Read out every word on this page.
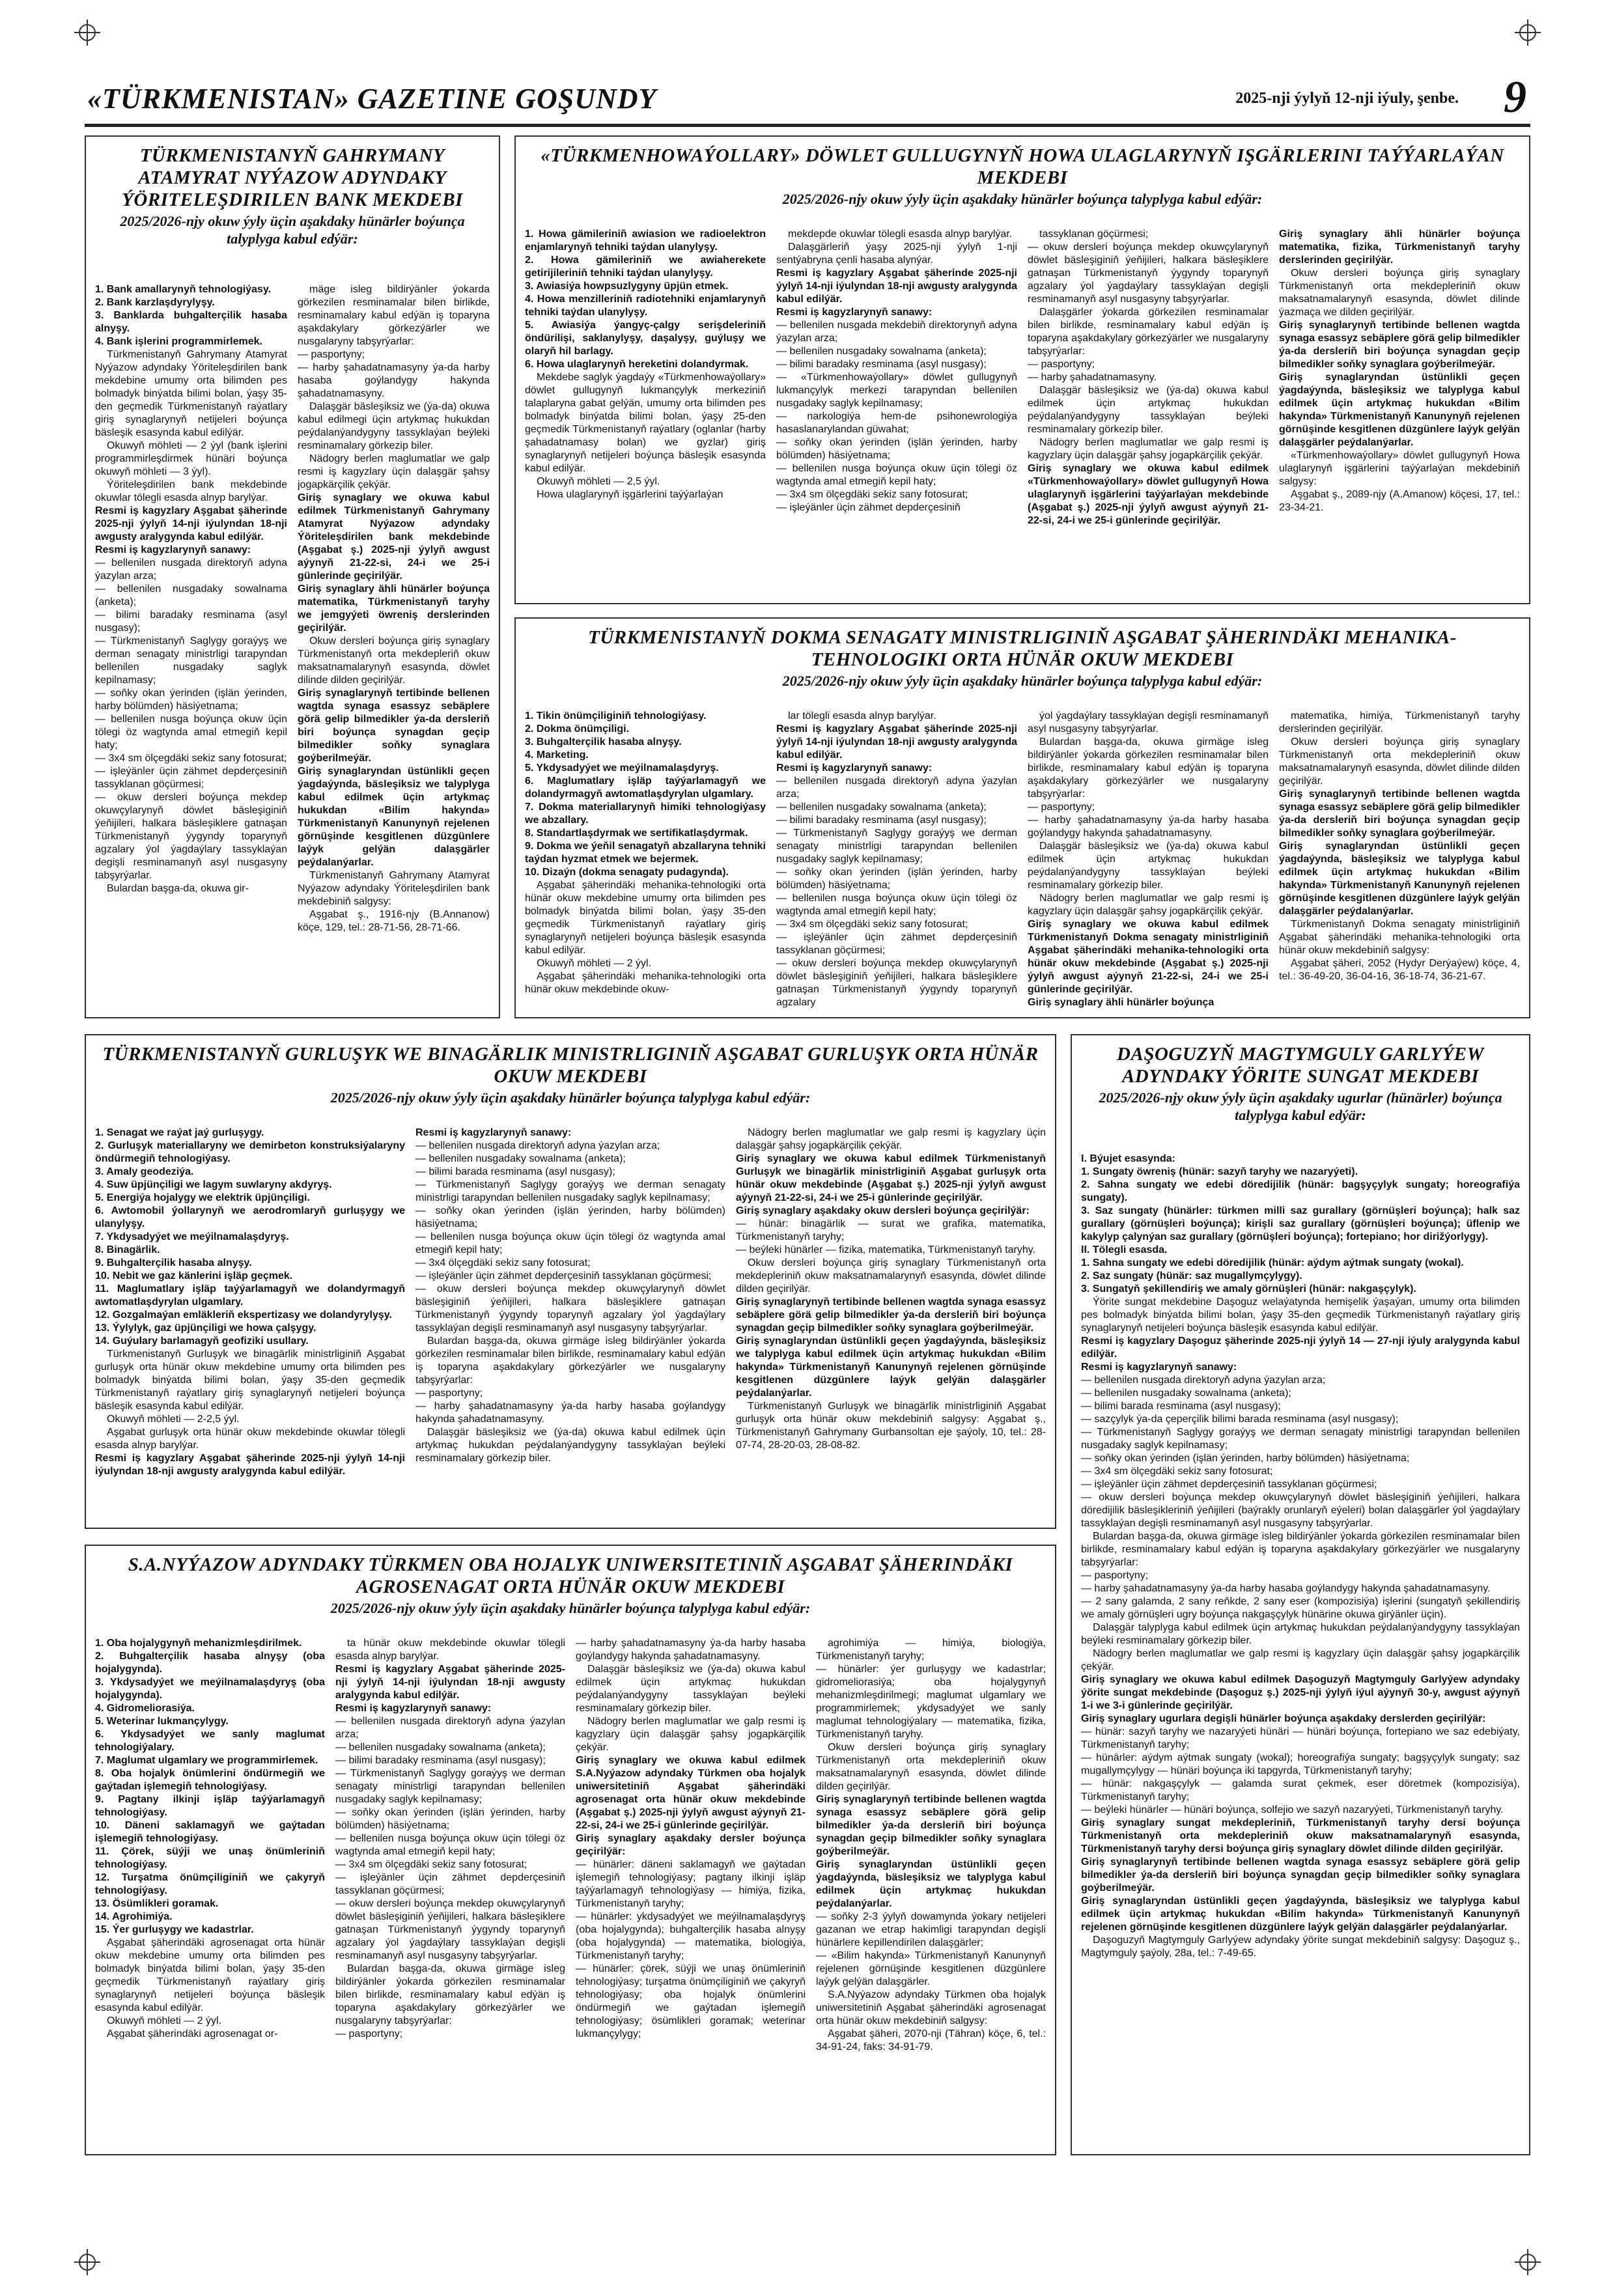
«TÜRKMENISTAN» GAZETINE GOŞUNDY	2025-nji ýylyň 12-nji iýuly, şenbe. 9
TÜRKMENISTANYŇ GAHRYMANY ATAMYRAT NYÝAZOW ADYNDAKY ÝÖRITELEŞDIRILEN BANK MEKDEBI
2025/2026-njy okuw ýyly üçin aşakdaky hünärler boýunça talyplyga kabul edýär:

1. Bank amallarynyň tehnologiýasy.

2. Bank karzlaşdyrylyşy.

3. Banklarda buhgalterçilik hasaba alnyşy.

4. Bank işlerini programmirlemek.

Türkmenistanyň Gahrymany Atamyrat Nyýazow adyndaky Ýöriteleşdirilen bank mekdebine umumy orta bilimden pes bolmadyk binýatda bilimi bolan, ýaşy 35-den geçmedik Türkmenistanyň raýatlary giriş synaglarynyň netijeleri boýunça bäsleşik esasynda kabul edilýär.

Okuwyň möhleti — 2 ýyl (bank işlerini programmirleşdirmek hünäri boýunça okuwyň möhleti — 3 ýyl).

Ýöriteleşdirilen bank mekdebinde okuwlar tölegli esasda alnyp barylýar.

Resmi iş kagyzlary Aşgabat şäherinde 2025-nji ýylyň 14-nji iýulyndan 18-nji awgusty aralygynda kabul edilýär.

Resmi iş kagyzlarynyň sanawy:

— bellenilen nusgada direktoryň adyna ýazylan arza;

— bellenilen nusgadaky sowalnama (anketa);

— bilimi baradaky resminama (asyl nusgasy);

— Türkmenistanyň Saglygy goraýyş we derman senagaty ministrligi tarapyndan bellenilen nusgadaky saglyk kepilnamasy;

— soňky okan ýerinden (işlän ýerinden, harby bölümden) häsiýetnama;

— bellenilen nusga boýunça okuw üçin tölegi öz wagtynda amal etmegiň kepil haty;

— 3x4 sm ölçegdäki sekiz sany fotosurat;

— işleýänler üçin zähmet depderçesiniň tassyklanan göçürmesi;

— okuw dersleri boýunça mekdep okuwçylarynyň döwlet bäsleşiginiň ýeňijileri, halkara bäsleşiklere gatnaşan Türkmenistanyň ýygyndy toparynyň agzalary ýol ýagdaýlary tassyklaýan degişli resminamanyň asyl nusgasyny tabşyrýarlar.

Bulardan başga-da, okuwa gir-

mäge isleg bildirýänler ýokarda görkezilen resminamalar bilen birlikde, resminamalary kabul edýän iş toparyna aşakdakylary görkezýärler we nusgalaryny tabşyrýarlar:

— pasportyny;

— harby şahadatnamasyny ýa-da harby hasaba goýlandygy hakynda şahadatnamasyny.

Dalaşgär bäsleşiksiz we (ýa-da) okuwa kabul edilmegi üçin artykmaç hukukdan peýdalanýandygyny tassyklaýan beýleki resminamalary görkezip biler.

Nädogry berlen maglumatlar we galp resmi iş kagyzlary üçin dalaşgär şahsy jogapkärçilik çekýär.

Giriş synaglary we okuwa kabul edilmek Türkmenistanyň Gahrymany Atamyrat Nyýazow adyndaky Ýöriteleşdirilen bank mekdebinde (Aşgabat ş.) 2025-nji ýylyň awgust aýynyň 21-22-si, 24-i we 25-i günlerinde geçirilýär.

Giriş synaglary ähli hünärler boýunça matematika, Türkmenistanyň taryhy we jemgyýeti öwreniş derslerinden geçirilýär.

Okuw dersleri boýunça giriş synaglary Türkmenistanyň orta mekdepleriň okuw maksatnamalarynyň esasynda, döwlet dilinde dilden geçirilýär.

Giriş synaglarynyň tertibinde bellenen wagtda synaga esassyz sebäplere görä gelip bilmedikler ýa-da dersleriň biri boýunça synagdan geçip bilmedikler soňky synaglara goýberilmeýär.

Giriş synaglaryndan üstünlikli geçen ýagdaýynda, bäsleşiksiz we talyplyga kabul edilmek üçin artykmaç hukukdan «Bilim hakynda» Türkmenistanyň Kanunynyň rejelenen görnüşinde kesgitlenen düzgünlere laýyk gelýän dalaşgärler peýdalanýarlar.

Türkmenistanyň Gahrymany Atamyrat Nyýazow adyndaky Ýöriteleşdirilen bank mekdebiniň salgysy:

Aşgabat ş., 1916-njy (B.Annanow) köçe, 129, tel.: 28-71-56, 28-71-66.

«TÜRKMENHOWAÝOLLARY» DÖWLET GULLUGYNYŇ HOWA ULAGLARYNYŇ IŞGÄRLERINI TAÝÝARLAÝAN MEKDEBI
2025/2026-njy okuw ýyly üçin aşakdaky hünärler boýunça talyplyga kabul edýär:

1. Howa gämileriniň awiasion we radioelektron enjamlarynyň tehniki taýdan ulanylyşy.

2. Howa gämileriniň we awiaherekete getirijileriniň tehniki taýdan ulanylyşy.

3. Awiasiýa howpsuzlygyny üpjün etmek.

4. Howa menzilleriniň radiotehniki enjamlarynyň tehniki taýdan ulanylyşy.

5. Awiasiýa ýangyç-çalgy serişdeleriniň öndürilişi, saklanylyşy, daşalyşy, guýluşy we olaryň hil barlagy.

6. Howa ulaglarynyň hereketini dolandyrmak.

Mekdebe saglyk ýagdaýy «Türkmenhowaýollary» döwlet gullugynyň lukmançylyk merkeziniň talaplaryna gabat gelýän, umumy orta bilimden pes bolmadyk binýatda bilimi bolan, ýaşy 25-den geçmedik Türkmenistanyň raýatlary (oglanlar (harby şahadatnamasy bolan) we gyzlar) giriş synaglarynyň netijeleri boýunça bäsleşik esasynda kabul edilýär.

Okuwyň möhleti — 2,5 ýyl.

Howa ulaglarynyň işgärlerini taýýarlaýan

mekdepde okuwlar tölegli esasda alnyp barylýar.

Dalaşgärleriň ýaşy 2025-nji ýylyň 1-nji sentýabryna çenli hasaba alynýar.

Resmi iş kagyzlary Aşgabat şäherinde 2025-nji ýylyň 14-nji iýulyndan 18-nji awgusty aralygynda kabul edilýär.

Resmi iş kagyzlarynyň sanawy:

— bellenilen nusgada mekdebiň direktorynyň adyna ýazylan arza;

— bellenilen nusgadaky sowalnama (anketa);

— bilimi baradaky resminama (asyl nusgasy);

— «Türkmenhowaýollary» döwlet gullugynyň lukmançylyk merkezi tarapyndan bellenilen nusgadaky saglyk kepilnamasy;

— narkologiýa hem-de psihonewrologiýa hasaslanarylandan güwahat;

— soňky okan ýerinden (işlän ýerinden, harby bölümden) häsiýetnama;

— bellenilen nusga boýunça okuw üçin tölegi öz wagtynda amal etmegiň kepil haty;

— 3x4 sm ölçegdäki sekiz sany fotosurat;

— işleýänler üçin zähmet depderçesiniň

tassyklanan göçürmesi;

— okuw dersleri boýunça mekdep okuwçylarynyň döwlet bäsleşiginiň ýeňijileri, halkara bäsleşiklere gatnaşan Türkmenistanyň ýygyndy toparynyň agzalary ýol ýagdaýlary tassyklaýan degişli resminamanyň asyl nusgasyny tabşyrýarlar.

Dalaşgärler ýokarda görkezilen resminamalar bilen birlikde, resminamalary kabul edýän iş toparyna aşakdakylary görkezýärler we nusgalaryny tabşyrýarlar:

— pasportyny;

— harby şahadatnamasyny.

Dalaşgär bäsleşiksiz we (ýa-da) okuwa kabul edilmek üçin artykmaç hukukdan peýdalanýandygyny tassyklaýan beýleki resminamalary görkezip biler.

Nädogry berlen maglumatlar we galp resmi iş kagyzlary üçin dalaşgär şahsy jogapkärçilik çekýär.

Giriş synaglary we okuwa kabul edilmek «Türkmenhowaýollary» döwlet gullugynyň Howa ulaglarynyň işgärlerini taýýarlaýan mekdebinde (Aşgabat ş.) 2025-nji ýylyň awgust aýynyň 21-22-si, 24-i we 25-i günlerinde geçirilýär.

Giriş synaglary ähli hünärler boýunça matematika, fizika, Türkmenistanyň taryhy derslerinden geçirilýär.

Okuw dersleri boýunça giriş synaglary Türkmenistanyň orta mekdepleriniň okuw maksatnamalarynyň esasynda, döwlet dilinde ýazmaça we dilden geçirilýär.

Giriş synaglarynyň tertibinde bellenen wagtda synaga esassyz sebäplere görä gelip bilmedikler ýa-da dersleriň biri boýunça synagdan geçip bilmedikler soňky synaglara goýberilmeýär.

Giriş synaglaryndan üstünlikli geçen ýagdaýynda, bäsleşiksiz we talyplyga kabul edilmek üçin artykmaç hukukdan «Bilim hakynda» Türkmenistanyň Kanunynyň rejelenen görnüşinde kesgitlenen düzgünlere laýyk gelýän dalaşgärler peýdalanýarlar.

«Türkmenhowaýollary» döwlet gullugynyň Howa ulaglarynyň işgärlerini taýýarlaýan mekdebiniň salgysy:

Aşgabat ş., 2089-njy (A.Amanow) köçesi, 17, tel.: 23-34-21.

TÜRKMENISTANYŇ DOKMA SENAGATY MINISTRLIGINIŇ AŞGABAT ŞÄHERINDÄKI MEHANIKA-TEHNOLOGIKI ORTA HÜNÄR OKUW MEKDEBI
2025/2026-njy okuw ýyly üçin aşakdaky hünärler boýunça talyplyga kabul edýär:

1. Tikin önümçiliginiň tehnologiýasy.

2. Dokma önümçiligi.

3. Buhgalterçilik hasaba alnyşy.

4. Marketing.

5. Ykdysadyýet we meýilnamalaşdyryş.

6. Maglumatlary işläp taýýarlamagyň we dolandyrmagyň awtomatlaşdyrylan ulgamlary.

7. Dokma materiallarynyň himiki tehnologiýasy we abzallary.

8. Standartlaşdyrmak we sertifikatlaşdyrmak.

9. Dokma we ýeňil senagatyň abzallaryna tehniki taýdan hyzmat etmek we bejermek.

10. Dizaýn (dokma senagaty pudagynda).

Aşgabat şäherindäki mehanika-tehnologiki orta hünär okuw mekdebine umumy orta bilimden pes bolmadyk binýatda bilimi bolan, ýaşy 35-den geçmedik Türkmenistanyň raýatlary giriş synaglarynyň netijeleri boýunça bäsleşik esasynda kabul edilýär.

Okuwyň möhleti — 2 ýyl.

Aşgabat şäherindäki mehanika-tehnologiki orta hünär okuw mekdebinde okuw-

lar tölegli esasda alnyp barylýar.

Resmi iş kagyzlary Aşgabat şäherinde 2025-nji ýylyň 14-nji iýulyndan 18-nji awgusty aralygynda kabul edilýär.

Resmi iş kagyzlarynyň sanawy:

— bellenilen nusgada direktoryň adyna ýazylan arza;

— bellenilen nusgadaky sowalnama (anketa);

— bilimi baradaky resminama (asyl nusgasy);

— Türkmenistanyň Saglygy goraýyş we derman senagaty ministrligi tarapyndan bellenilen nusgadaky saglyk kepilnamasy;

— soňky okan ýerinden (işlän ýerinden, harby bölümden) häsiýetnama;

— bellenilen nusga boýunça okuw üçin tölegi öz wagtynda amal etmegiň kepil haty;

— 3x4 sm ölçegdäki sekiz sany fotosurat;

— işleýänler üçin zähmet depderçesiniň tassyklanan göçürmesi;

— okuw dersleri boýunça mekdep okuwçylarynyň döwlet bäsleşiginiň ýeňijileri, halkara bäsleşiklere gatnaşan Türkmenistanyň ýygyndy toparynyň agzalary

ýol ýagdaýlary tassyklaýan degişli resminamanyň asyl nusgasyny tabşyrýarlar.

Bulardan başga-da, okuwa girmäge isleg bildirýänler ýokarda görkezilen resminamalar bilen birlikde, resminamalary kabul edýän iş toparyna aşakdakylary görkezýärler we nusgalaryny tabşyrýarlar:

— pasportyny;

— harby şahadatnamasyny ýa-da harby hasaba goýlandygy hakynda şahadatnamasyny.

Dalaşgär bäsleşiksiz we (ýa-da) okuwa kabul edilmek üçin artykmaç hukukdan peýdalanýandygyny tassyklaýan beýleki resminamalary görkezip biler.

Nädogry berlen maglumatlar we galp resmi iş kagyzlary üçin dalaşgär şahsy jogapkärçilik çekýär.

Giriş synaglary we okuwa kabul edilmek Türkmenistanyň Dokma senagaty ministrliginiň Aşgabat şäherindäki mehanika-tehnologiki orta hünär okuw mekdebinde (Aşgabat ş.) 2025-nji ýylyň awgust aýynyň 21-22-si, 24-i we 25-i günlerinde geçirilýär.

Giriş synaglary ähli hünärler boýunça

matematika, himiýa, Türkmenistanyň taryhy derslerinden geçirilýär.

Okuw dersleri boýunça giriş synaglary Türkmenistanyň orta mekdepleriniň okuw maksatnamalarynyň esasynda, döwlet dilinde dilden geçirilýär.

Giriş synaglarynyň tertibinde bellenen wagtda synaga esassyz sebäplere görä gelip bilmedikler ýa-da dersleriň biri boýunça synagdan geçip bilmedikler soňky synaglara goýberilmeýär.

Giriş synaglaryndan üstünlikli geçen ýagdaýynda, bäsleşiksiz we talyplyga kabul edilmek üçin artykmaç hukukdan «Bilim hakynda» Türkmenistanyň Kanunynyň rejelenen görnüşinde kesgitlenen düzgünlere laýyk gelýän dalaşgärler peýdalanýarlar.

Türkmenistanyň Dokma senagaty ministrliginiň Aşgabat şäherindäki mehanika-tehnologiki orta hünär okuw mekdebiniň salgysy:

Aşgabat şäheri, 2052 (Hydyr Derýaýew) köçe, 4, tel.: 36-49-20, 36-04-16, 36-18-74, 36-21-67.

TÜRKMENISTANYŇ GURLUŞYK WE BINAGÄRLIK MINISTRLIGINIŇ AŞGABAT GURLUŞYK ORTA HÜNÄR OKUW MEKDEBI
2025/2026-njy okuw ýyly üçin aşakdaky hünärler boýunça talyplyga kabul edýär:

1. Senagat we raýat jaý gurluşygy.

2. Gurluşyk materiallaryny we demirbeton konstruksiýalaryny öndürmegiň tehnologiýasy.

3. Amaly geodeziýa.

4. Suw üpjünçiligi we lagym suwlaryny akdyryş.

5. Energiýa hojalygy we elektrik üpjünçiligi.

6. Awtomobil ýollarynyň we aerodromlaryň gurluşygy we ulanylyşy.

7. Ykdysadyýet we meýilnamalaşdyryş.

8. Binagärlik.

9. Buhgalterçilik hasaba alnyşy.

10. Nebit we gaz känlerini işläp geçmek.

11. Maglumatlary işläp taýýarlamagyň we dolandyrmagyň awtomatlaşdyrylan ulgamlary.

12. Gozgalmaýan emläkleriň ekspertizasy we dolandyrylyşy.

13. Ýylylyk, gaz üpjünçiligi we howa çalşygy.

14. Guýulary barlamagyň geofiziki usullary.

Türkmenistanyň Gurluşyk we binagärlik ministrliginiň Aşgabat gurluşyk orta hünär okuw mekdebine umumy orta bilimden pes bolmadyk binýatda bilimi bolan, ýaşy 35-den geçmedik Türkmenistanyň raýatlary giriş synaglarynyň netijeleri boýunça bäsleşik esasynda kabul edilýär.

Okuwyň möhleti — 2-2,5 ýyl.

Aşgabat gurluşyk orta hünär okuw mekdebinde okuwlar tölegli esasda alnyp barylýar.

Resmi iş kagyzlary Aşgabat şäherinde 2025-nji ýylyň 14-nji iýulyndan 18-nji awgusty aralygynda kabul edilýär.

Resmi iş kagyzlarynyň sanawy:

— bellenilen nusgada direktoryň adyna ýazylan arza;

— bellenilen nusgadaky sowalnama (anketa);

— bilimi barada resminama (asyl nusgasy);

— Türkmenistanyň Saglygy goraýyş we derman senagaty ministrligi tarapyndan bellenilen nusgadaky saglyk kepilnamasy;

— soňky okan ýerinden (işlän ýerinden, harby bölümden) häsiýetnama;

— bellenilen nusga boýunça okuw üçin tölegi öz wagtynda amal etmegiň kepil haty;

— 3x4 ölçegdäki sekiz sany fotosurat;

— işleýänler üçin zähmet depderçesiniň tassyklanan göçürmesi;

— okuw dersleri boýunça mekdep okuwçylarynyň döwlet bäsleşiginiň ýeňijileri, halkara bäsleşiklere gatnaşan Türkmenistanyň ýygyndy toparynyň agzalary ýol ýagdaýlary tassyklaýan degişli resminamanyň asyl nusgasyny tabşyrýarlar.

Bulardan başga-da, okuwa girmäge isleg bildirýänler ýokarda görkezilen resminamalar bilen birlikde, resminamalary kabul edýän iş toparyna aşakdakylary görkezýärler we nusgalaryny tabşyrýarlar:

— pasportyny;

— harby şahadatnamasyny ýa-da harby hasaba goýlandygy hakynda şahadatnamasyny.

Dalaşgär bäsleşiksiz we (ýa-da) okuwa kabul edilmek üçin artykmaç hukukdan peýdalanýandygyny tassyklaýan beýleki resminamalary görkezip biler.

Nädogry berlen maglumatlar we galp resmi iş kagyzlary üçin dalaşgär şahsy jogapkärçilik çekýär.

Giriş synaglary we okuwa kabul edilmek Türkmenistanyň Gurluşyk we binagärlik ministrliginiň Aşgabat gurluşyk orta hünär okuw mekdebinde (Aşgabat ş.) 2025-nji ýylyň awgust aýynyň 21-22-si, 24-i we 25-i günlerinde geçirilýär.

Giriş synaglary aşakdaky okuw dersleri boýunça geçirilýär:

— hünär: binagärlik — surat we grafika, matematika, Türkmenistanyň taryhy;

— beýleki hünärler — fizika, matematika, Türkmenistanyň taryhy.

Okuw dersleri boýunça giriş synaglary Türkmenistanyň orta mekdepleriniň okuw maksatnamalarynyň esasynda, döwlet dilinde dilden geçirilýär.

Giriş synaglarynyň tertibinde bellenen wagtda synaga esassyz sebäplere görä gelip bilmedikler ýa-da dersleriň biri boýunça synagdan geçip bilmedikler soňky synaglara goýberilmeýär.

Giriş synaglaryndan üstünlikli geçen ýagdaýynda, bäsleşiksiz we talyplyga kabul edilmek üçin artykmaç hukukdan «Bilim hakynda» Türkmenistanyň Kanunynyň rejelenen görnüşinde kesgitlenen düzgünlere laýyk gelýän dalaşgärler peýdalanýarlar.

Türkmenistanyň Gurluşyk we binagärlik ministrliginiň Aşgabat gurluşyk orta hünär okuw mekdebiniň salgysy: Aşgabat ş., Türkmenistanyň Gahrymany Gurbansoltan eje şaýoly, 10, tel.: 28-07-74, 28-20-03, 28-08-82.

DAŞOGUZYŇ MAGTYMGULY GARLYÝEW ADYNDAKY ÝÖRITE SUNGAT MEKDEBI
2025/2026-njy okuw ýyly üçin aşakdaky ugurlar (hünärler) boýunça talyplyga kabul edýär:

I. Býujet esasynda:

1. Sungaty öwreniş (hünär: sazyň taryhy we nazaryýeti).

2. Sahna sungaty we edebi döredijilik (hünär: bagşyçylyk sungaty; horeografiýa sungaty).

3. Saz sungaty (hünärler: türkmen milli saz gurallary (görnüşleri boýunça); halk saz gurallary (görnüşleri boýunça); kirişli saz gurallary (görnüşleri boýunça); üflenip we kakylyp çalynýan saz gurallary (görnüşleri boýunça); fortepiano; hor dirižýorlygy).

II. Tölegli esasda.

1. Sahna sungaty we edebi döredijilik (hünär: aýdym aýtmak sungaty (wokal).

2. Saz sungaty (hünär: saz mugallymçylygy).

3. Sungatyň şekillendiriş we amaly görnüşleri (hünär: nakgaşçylyk).

Ýörite sungat mekdebine Daşoguz welaýatynda hemişelik ýaşaýan, umumy orta bilimden pes bolmadyk binýatda bilimi bolan, ýaşy 35-den geçmedik Türkmenistanyň raýatlary giriş synaglarynyň netijeleri boýunça bäsleşik esasynda kabul edilýär.

Resmi iş kagyzlary Daşoguz şäherinde 2025-nji ýylyň 14 — 27-nji iýuly aralygynda kabul edilýär.

Resmi iş kagyzlarynyň sanawy:

— bellenilen nusgada direktoryň adyna ýazylan arza;

— bellenilen nusgadaky sowalnama (anketa);

— bilimi barada resminama (asyl nusgasy);

— sazçylyk ýa-da çeperçilik bilimi barada resminama (asyl nusgasy);

— Türkmenistanyň Saglygy goraýyş we derman senagaty ministrligi tarapyndan bellenilen nusgadaky saglyk kepilnamasy;

— soňky okan ýerinden (işlän ýerinden, harby bölümden) häsiýetnama;

— 3x4 sm ölçegdäki sekiz sany fotosurat;

— işleýänler üçin zähmet depderçesiniň tassyklanan göçürmesi;

— okuw dersleri boýunça mekdep okuwçylarynyň döwlet bäsleşiginiň ýeňijileri, halkara döredijilik bäsleşikleriniň ýeňijileri (baýrakly orunlaryň eýeleri) bolan dalaşgärler ýol ýagdaýlary tassyklaýan degişli resminamanyň asyl nusgasyny tabşyrýarlar.

Bulardan başga-da, okuwa girmäge isleg bildirýänler ýokarda görkezilen resminamalar bilen birlikde, resminamalary kabul edýän iş toparyna aşakdakylary görkezýärler we nusgalaryny tabşyrýarlar:

— pasportyny;

— harby şahadatnamasyny ýa-da harby hasaba goýlandygy hakynda şahadatnamasyny.

— 2 sany galamda, 2 sany reňkde, 2 sany eser (kompozisiýa) işlerini (sungatyň şekillendiriş we amaly görnüşleri ugry boýunça nakgaşçylyk hünärine okuwa girýänler üçin).

Dalaşgär talyplyga kabul edilmek üçin artykmaç hukukdan peýdalanýandygyny tassyklaýan beýleki resminamalary görkezip biler.

Nädogry berlen maglumatlar we galp resmi iş kagyzlary üçin dalaşgär şahsy jogapkärçilik çekýär.

Giriş synaglary we okuwa kabul edilmek Daşoguzyň Magtymguly Garlyýew adyndaky ýörite sungat mekdebinde (Daşoguz ş.) 2025-nji ýylyň iýul aýynyň 30-y, awgust aýynyň 1-i we 3-i günlerinde geçirilýär.

Giriş synaglary ugurlara degişli hünärler boýunça aşakdaky derslerden geçirilýär:

— hünär: sazyň taryhy we nazaryýeti hünäri — hünäri boýunça, fortepiano we saz edebiýaty, Türkmenistanyň taryhy;

— hünärler: aýdym aýtmak sungaty (wokal); horeografiýa sungaty; bagşyçylyk sungaty; saz mugallymçylygy — hünäri boýunça iki tapgyrda, Türkmenistanyň taryhy;

— hünär: nakgaşçylyk — galamda surat çekmek, eser döretmek (kompozisiýa), Türkmenistanyň taryhy;

— beýleki hünärler — hünäri boýunça, solfejio we sazyň nazaryýeti, Türkmenistanyň taryhy.

Giriş synaglary sungat mekdepleriniň, Türkmenistanyň taryhy dersi boýunça Türkmenistanyň orta mekdepleriniň okuw maksatnamalarynyň esasynda, Türkmenistanyň taryhy dersi boýunça giriş synaglary döwlet dilinde dilden geçirilýär.

Giriş synaglarynyň tertibinde bellenen wagtda synaga esassyz sebäplere görä gelip bilmedikler ýa-da dersleriň biri boýunça synagdan geçip bilmedikler soňky synaglara goýberilmeýär.

Giriş synaglaryndan üstünlikli geçen ýagdaýynda, bäsleşiksiz we talyplyga kabul edilmek üçin artykmaç hukukdan «Bilim hakynda» Türkmenistanyň Kanunynyň rejelenen görnüşinde kesgitlenen düzgünlere laýyk gelýän dalaşgärler peýdalanýarlar.

Daşoguzyň Magtymguly Garlyýew adyndaky ýörite sungat mekdebiniň salgysy: Daşoguz ş., Magtymguly şaýoly, 28a, tel.: 7-49-65.

S.A.NYÝAZOW ADYNDAKY TÜRKMEN OBA HOJALYK UNIWERSITETINIŇ AŞGABAT ŞÄHERINDÄKI AGROSENAGAT ORTA HÜNÄR OKUW MEKDEBI
2025/2026-njy okuw ýyly üçin aşakdaky hünärler boýunça talyplyga kabul edýär:

1. Oba hojalygynyň mehanizmleşdirilmek.

2. Buhgalterçilik hasaba alnyşy (oba hojalygynda).

3. Ykdysadyýet we meýilnamalaşdyryş (oba hojalygynda).

4. Gidromeliorasiýa.

5. Weterinar lukmançylygy.

6. Ykdysadyýet we sanly maglumat tehnologiýalary.

7. Maglumat ulgamlary we programmirlemek.

8. Oba hojalyk önümlerini öndürmegiň we gaýtadan işlemegiň tehnologiýasy.

9. Pagtany ilkinji işläp taýýarlamagyň tehnologiýasy.

10. Däneni saklamagyň we gaýtadan işlemegiň tehnologiýasy.

11. Çörek, süýji we unaş önümleriniň tehnologiýasy.

12. Turşatma önümçiliginiň we çakyryň tehnologiýasy.

13. Ösümlikleri goramak.

14. Agrohimiýa.

15. Ýer gurluşygy we kadastrlar.

Aşgabat şäherindäki agrosenagat orta hünär okuw mekdebine umumy orta bilimden pes bolmadyk binýatda bilimi bolan, ýaşy 35-den geçmedik Türkmenistanyň raýatlary giriş synaglarynyň netijeleri boýunça bäsleşik esasynda kabul edilýär.

Okuwyň möhleti — 2 ýyl.

Aşgabat şäherindäki agrosenagat or-

ta hünär okuw mekdebinde okuwlar tölegli esasda alnyp barylýar.

Resmi iş kagyzlary Aşgabat şäherinde 2025-nji ýylyň 14-nji iýulyndan 18-nji awgusty aralygynda kabul edilýär.

Resmi iş kagyzlarynyň sanawy:

— bellenilen nusgada direktoryň adyna ýazylan arza;

— bellenilen nusgadaky sowalnama (anketa);

— bilimi baradaky resminama (asyl nusgasy);

— Türkmenistanyň Saglygy goraýyş we derman senagaty ministrligi tarapyndan bellenilen nusgadaky saglyk kepilnamasy;

— soňky okan ýerinden (işlän ýerinden, harby bölümden) häsiýetnama;

— bellenilen nusga boýunça okuw üçin tölegi öz wagtynda amal etmegiň kepil haty;

— 3x4 sm ölçegdäki sekiz sany fotosurat;

— işleýänler üçin zähmet depderçesiniň tassyklanan göçürmesi;

— okuw dersleri boýunça mekdep okuwçylarynyň döwlet bäsleşiginiň ýeňijileri, halkara bäsleşiklere gatnaşan Türkmenistanyň ýygyndy toparynyň agzalary ýol ýagdaýlary tassyklaýan degişli resminamanyň asyl nusgasyny tabşyrýarlar.

Bulardan başga-da, okuwa girmäge isleg bildirýänler ýokarda görkezilen resminamalar bilen birlikde, resminamalary kabul edýän iş toparyna aşakdakylary görkezýärler we nusgalaryny tabşyrýarlar:

— pasportyny;

— harby şahadatnamasyny ýa-da harby hasaba goýlandygy hakynda şahadatnamasyny.

Dalaşgär bäsleşiksiz we (ýa-da) okuwa kabul edilmek üçin artykmaç hukukdan peýdalanýandygyny tassyklaýan beýleki resminamalary görkezip biler.

Nädogry berlen maglumatlar we galp resmi iş kagyzlary üçin dalaşgär şahsy jogapkärçilik çekýär.

Giriş synaglary we okuwa kabul edilmek S.A.Nyýazow adyndaky Türkmen oba hojalyk uniwersitetiniň Aşgabat şäherindäki agrosenagat orta hünär okuw mekdebinde (Aşgabat ş.) 2025-nji ýylyň awgust aýynyň 21-22-si, 24-i we 25-i günlerinde geçirilýär.

Giriş synaglary aşakdaky dersler boýunça geçirilýär:

— hünärler: däneni saklamagyň we gaýtadan işlemegiň tehnologiýasy; pagtany ilkinji işläp taýýarlamagyň tehnologiýasy — himiýa, fizika, Türkmenistanyň taryhy;

— hünärler: ykdysadyýet we meýilnamalaşdyryş (oba hojalygynda); buhgalterçilik hasaba alnyşy (oba hojalygynda) — matematika, biologiýa, Türkmenistanyň taryhy;

— hünärler: çörek, süýji we unaş önümleriniň tehnologiýasy; turşatma önümçiliginiň we çakyryň tehnologiýasy; oba hojalyk önümlerini öndürmegiň we gaýtadan işlemegiň tehnologiýasy; ösümlikleri goramak; weterinar lukmançylygy;

agrohimiýa — himiýa, biologiýa, Türkmenistanyň taryhy;

— hünärler: ýer gurluşygy we kadastrlar; gidromeliorasiýa; oba hojalygynyň mehanizmleşdirilmegi; maglumat ulgamlary we programmirlemek; ykdysadyýet we sanly maglumat tehnologiýalary — matematika, fizika, Türkmenistanyň taryhy.

Okuw dersleri boýunça giriş synaglary Türkmenistanyň orta mekdepleriniň okuw maksatnamalarynyň esasynda, döwlet dilinde dilden geçirilýär.

Giriş synaglarynyň tertibinde bellenen wagtda synaga esassyz sebäplere görä gelip bilmedikler ýa-da dersleriň biri boýunça synagdan geçip bilmedikler soňky synaglara goýberilmeýär.

Giriş synaglaryndan üstünlikli geçen ýagdaýynda, bäsleşiksiz we talyplyga kabul edilmek üçin artykmaç hukukdan peýdalanýarlar.

— soňky 2-3 ýylyň dowamynda ýokary netijeleri gazanan we etrap hakimligi tarapyndan degişli hünärlere kepillendirilen dalaşgärler;

— «Bilim hakynda» Türkmenistanyň Kanunynyň rejelenen görnüşinde kesgitlenen düzgünlere laýyk gelýän dalaşgärler.

S.A.Nyýazow adyndaky Türkmen oba hojalyk uniwersitetiniň Aşgabat şäherindäki agrosenagat orta hünär okuw mekdebiniň salgysy:

Aşgabat şäheri, 2070-nji (Tähran) köçe, 6, tel.: 34-91-24, faks: 34-91-79.
